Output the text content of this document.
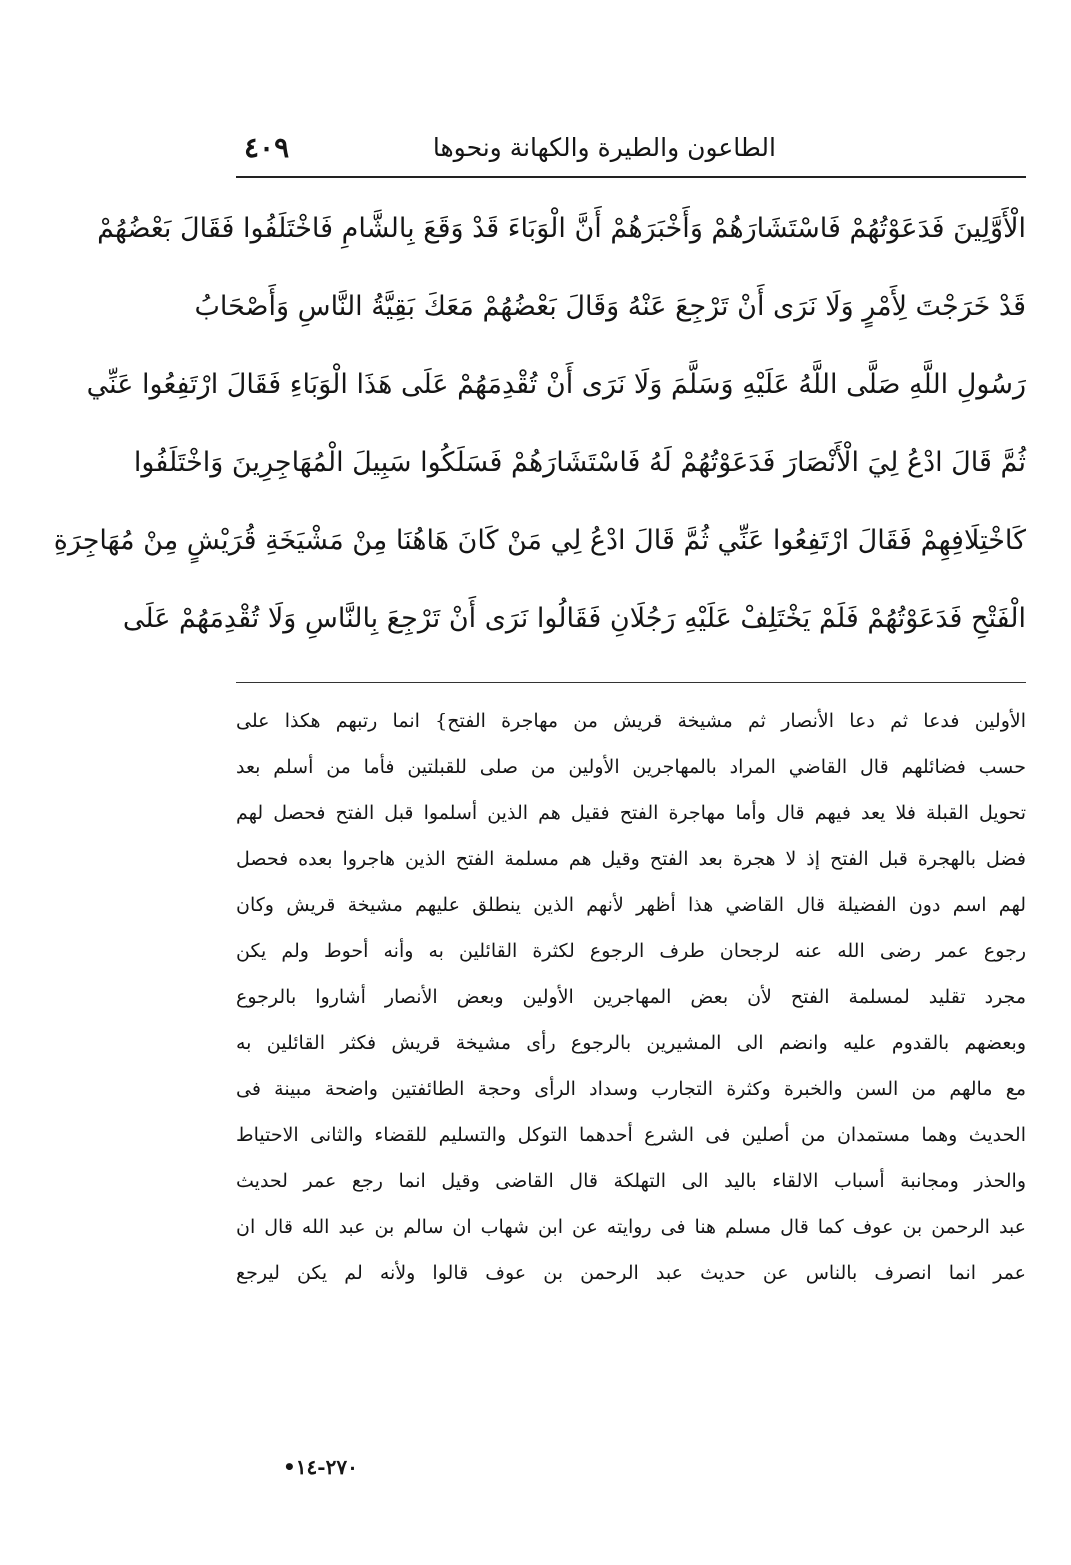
الطاعون والطيرة والكهانة ونحوها
٤٠٩
الْأَوَّلِينَ فَدَعَوْتُهُمْ فَاسْتَشَارَهُمْ وَأَخْبَرَهُمْ أَنَّ الْوَبَاءَ قَدْ وَقَعَ بِالشَّامِ فَاخْتَلَفُوا فَقَالَ بَعْضُهُمْ
قَدْ خَرَجْتَ لِأَمْرٍ وَلَا نَرَى أَنْ تَرْجِعَ عَنْهُ وَقَالَ بَعْضُهُمْ مَعَكَ بَقِيَّةُ النَّاسِ وَأَصْحَابُ
رَسُولِ اللَّهِ صَلَّى اللَّهُ عَلَيْهِ وَسَلَّمَ وَلَا نَرَى أَنْ تُقْدِمَهُمْ عَلَى هَذَا الْوَبَاءِ فَقَالَ ارْتَفِعُوا عَنِّي
ثُمَّ قَالَ ادْعُ لِيَ الْأَنْصَارَ فَدَعَوْتُهُمْ لَهُ فَاسْتَشَارَهُمْ فَسَلَكُوا سَبِيلَ الْمُهَاجِرِينَ وَاخْتَلَفُوا
كَاخْتِلَافِهِمْ فَقَالَ ارْتَفِعُوا عَنِّي ثُمَّ قَالَ ادْعُ لِي مَنْ كَانَ هَاهُنَا مِنْ مَشْيَخَةِ قُرَيْشٍ مِنْ مُهَاجِرَةِ
الْفَتْحِ فَدَعَوْتُهُمْ فَلَمْ يَخْتَلِفْ عَلَيْهِ رَجُلَانِ فَقَالُوا نَرَى أَنْ تَرْجِعَ بِالنَّاسِ وَلَا تُقْدِمَهُمْ عَلَى
الأولين فدعا ثم دعا الأنصار ثم مشيخة قريش من مهاجرة الفتح} انما رتبهم هكذا على
حسب فضائلهم قال القاضي المراد بالمهاجرين الأولين من صلى للقبلتين فأما من أسلم بعد
تحويل القبلة فلا يعد فيهم قال وأما مهاجرة الفتح فقيل هم الذين أسلموا قبل الفتح فحصل لهم
فضل بالهجرة قبل الفتح إذ لا هجرة بعد الفتح وقيل هم مسلمة الفتح الذين هاجروا بعده فحصل
لهم اسم دون الفضيلة قال القاضي هذا أظهر لأنهم الذين ينطلق عليهم مشيخة قريش وكان
رجوع عمر رضى الله عنه لرجحان طرف الرجوع لكثرة القائلين به وأنه أحوط ولم يكن
مجرد تقليد لمسلمة الفتح لأن بعض المهاجرين الأولين وبعض الأنصار أشاروا بالرجوع
وبعضهم بالقدوم عليه وانضم الى المشيرين بالرجوع رأى مشيخة قريش فكثر القائلين به
مع مالهم من السن والخبرة وكثرة التجارب وسداد الرأى وحجة الطائفتين واضحة مبينة فى
الحديث وهما مستمدان من أصلين فى الشرع أحدهما التوكل والتسليم للقضاء والثانى الاحتياط
والحذر ومجانبة أسباب الالقاء باليد الى التهلكة قال القاضى وقيل انما رجع عمر لحديث
عبد الرحمن بن عوف كما قال مسلم هنا فى روايته عن ابن شهاب ان سالم بن عبد الله قال ان
عمر انما انصرف بالناس عن حديث عبد الرحمن بن عوف قالوا ولأنه لم يكن ليرجع
٢٧٠-١٤•
